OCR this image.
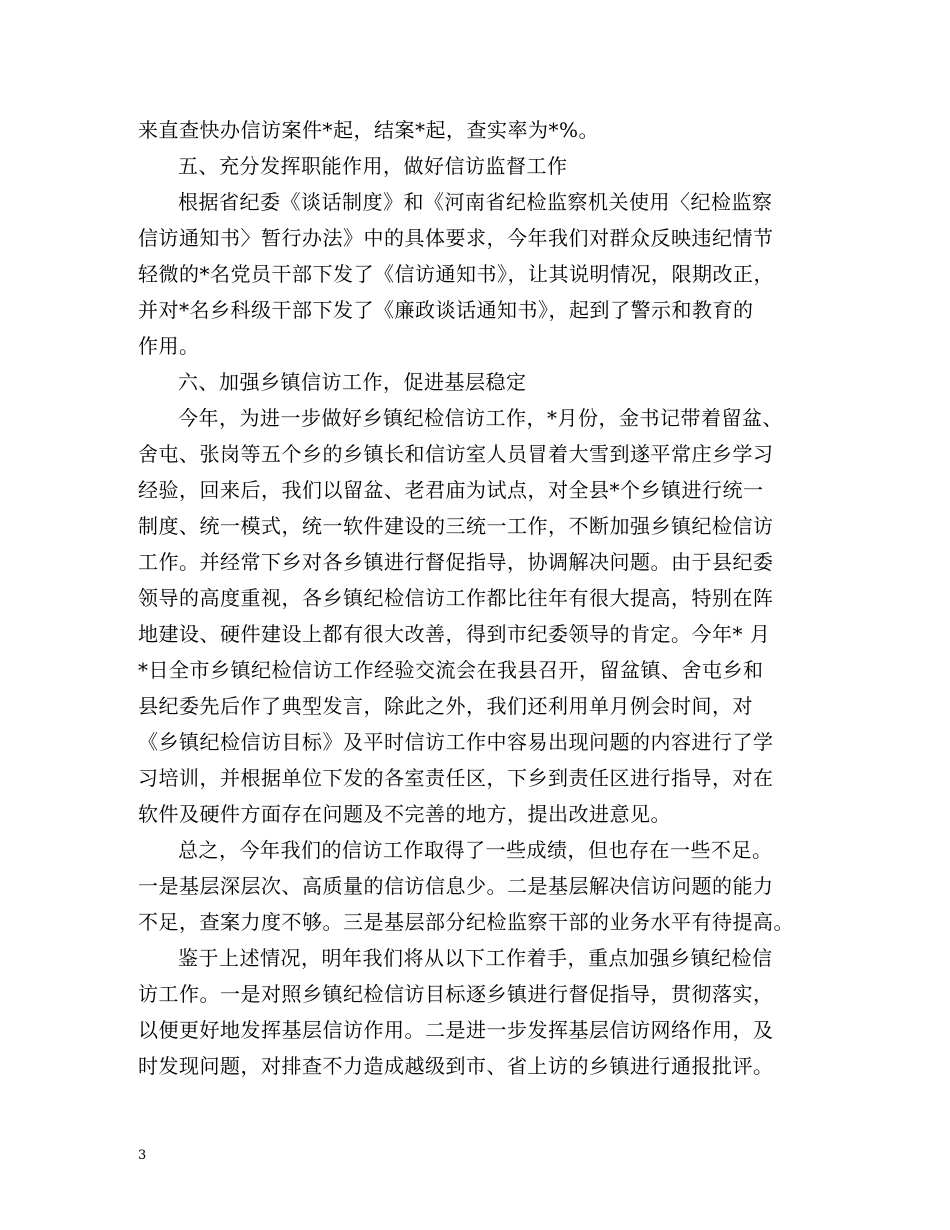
来直查快办信访案件*起，结案*起，查实率为*%。
五、充分发挥职能作用，做好信访监督工作
根据省纪委《谈话制度》和《河南省纪检监察机关使用〈纪检监察
信访通知书〉暂行办法》中的具体要求，今年我们对群众反映违纪情节
轻微的*名党员干部下发了《信访通知书》，让其说明情况，限期改正，
并对*名乡科级干部下发了《廉政谈话通知书》，起到了警示和教育的
作用。
六、加强乡镇信访工作，促进基层稳定
今年，为进一步做好乡镇纪检信访工作，*月份，金书记带着留盆、
舍屯、张岗等五个乡的乡镇长和信访室人员冒着大雪到遂平常庄乡学习
经验，回来后，我们以留盆、老君庙为试点，对全县*个乡镇进行统一
制度、统一模式，统一软件建设的三统一工作，不断加强乡镇纪检信访
工作。并经常下乡对各乡镇进行督促指导，协调解决问题。由于县纪委
领导的高度重视，各乡镇纪检信访工作都比往年有很大提高，特别在阵
地建设、硬件建设上都有很大改善，得到市纪委领导的肯定。今年* 月
*日全市乡镇纪检信访工作经验交流会在我县召开，留盆镇、舍屯乡和
县纪委先后作了典型发言，除此之外，我们还利用单月例会时间，对
《乡镇纪检信访目标》及平时信访工作中容易出现问题的内容进行了学
习培训，并根据单位下发的各室责任区，下乡到责任区进行指导，对在
软件及硬件方面存在问题及不完善的地方，提出改进意见。
总之，今年我们的信访工作取得了一些成绩，但也存在一些不足。
一是基层深层次、高质量的信访信息少。二是基层解决信访问题的能力
不足，查案力度不够。三是基层部分纪检监察干部的业务水平有待提高。
鉴于上述情况，明年我们将从以下工作着手，重点加强乡镇纪检信
访工作。一是对照乡镇纪检信访目标逐乡镇进行督促指导，贯彻落实，
以便更好地发挥基层信访作用。二是进一步发挥基层信访网络作用，及
时发现问题，对排查不力造成越级到市、省上访的乡镇进行通报批评。
3
